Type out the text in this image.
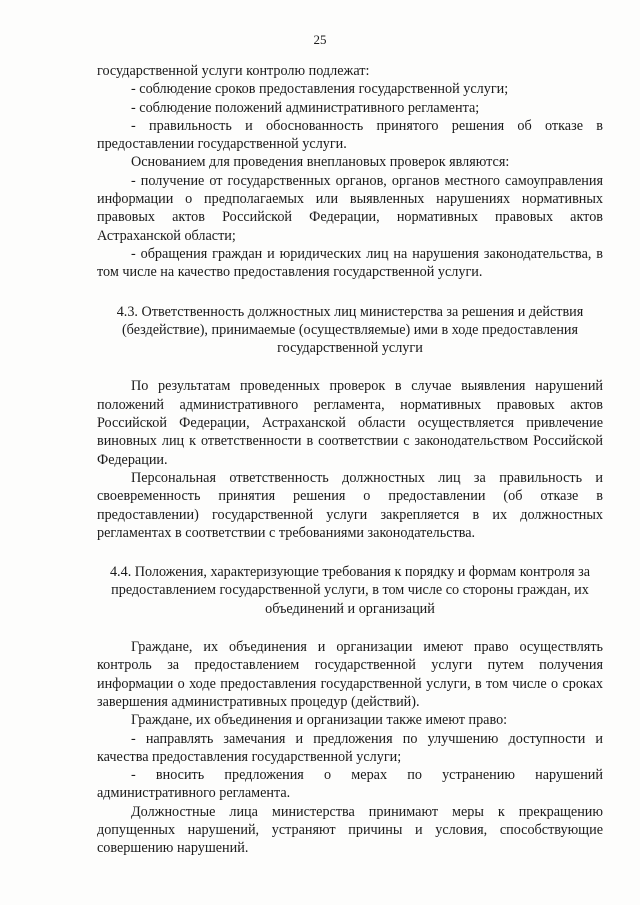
25

государственной услуги контролю подлежат:

- соблюдение сроков предоставления государственной услуги;

- соблюдение положений административного регламента;

- правильность и обоснованность принятого решения об отказе в предоставлении государственной услуги.

Основанием для проведения внеплановых проверок являются:

- получение от государственных органов, органов местного самоуправления информации о предполагаемых или выявленных нарушениях нормативных правовых актов Российской Федерации, нормативных правовых актов Астраханской области;

- обращения граждан и юридических лиц на нарушения законодательства, в том числе на качество предоставления государственной услуги.

4.3. Ответственность должностных лиц министерства за решения и действия (бездействие), принимаемые (осуществляемые) ими в ходе предоставления государственной услуги

По результатам проведенных проверок в случае выявления нарушений положений административного регламента, нормативных правовых актов Российской Федерации, Астраханской области осуществляется привлечение виновных лиц к ответственности в соответствии с законодательством Российской Федерации.

Персональная ответственность должностных лиц за правильность и своевременность принятия решения о предоставлении (об отказе в предоставлении) государственной услуги закрепляется в их должностных регламентах в соответствии с требованиями законодательства.

4.4. Положения, характеризующие требования к порядку и формам контроля за предоставлением государственной услуги, в том числе со стороны граждан, их объединений и организаций

Граждане, их объединения и организации имеют право осуществлять контроль за предоставлением государственной услуги путем получения информации о ходе предоставления государственной услуги, в том числе о сроках завершения административных процедур (действий).

Граждане, их объединения и организации также имеют право:

- направлять замечания и предложения по улучшению доступности и качества предоставления государственной услуги;

- вносить предложения о мерах по устранению нарушений административного регламента.

Должностные лица министерства принимают меры к прекращению допущенных нарушений, устраняют причины и условия, способствующие совершению нарушений.
